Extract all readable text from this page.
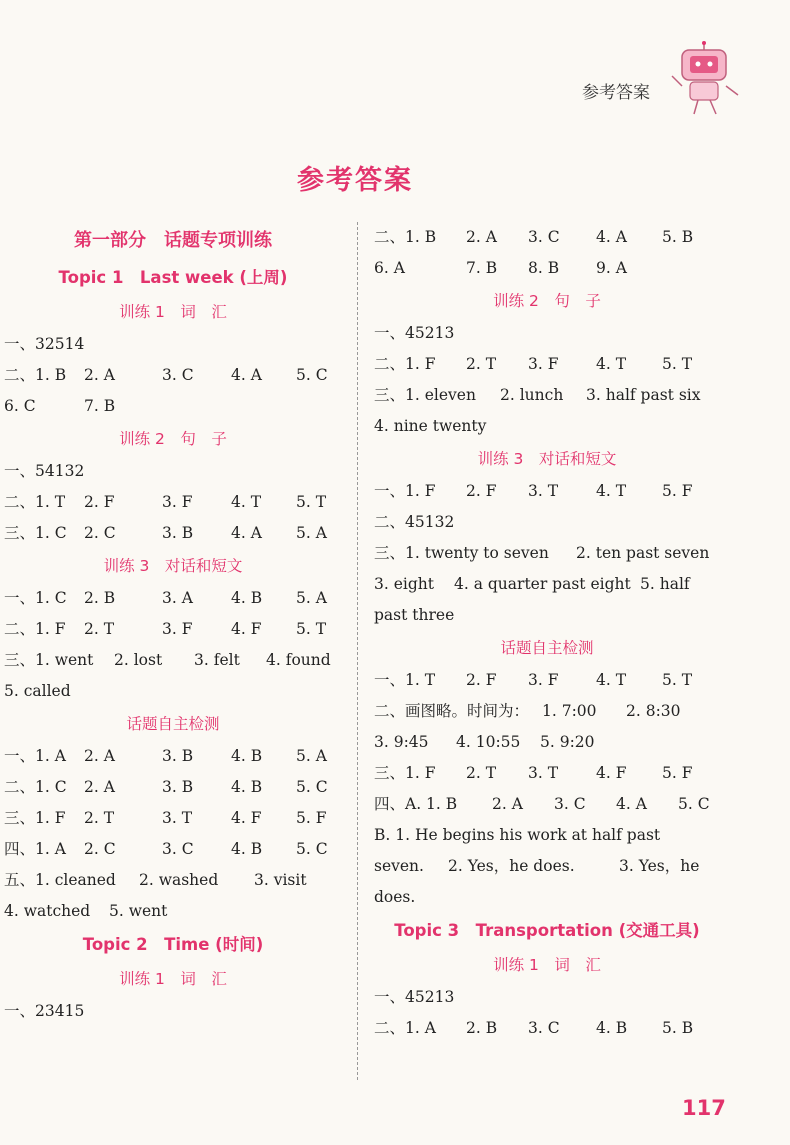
参考答案
参考答案
第一部分　话题专项训练
Topic 1　Last week (上周)
训练 1　词　汇
一、32514
二、1. B 2. A	3. C 4. A 5. C
6. C	7. B
训练 2　句　子
一、54132
二、1. T 2. F	3. F 4. T 5. T
三、1. C 2. C	3. B 4. A 5. A
训练 3　对话和短文
一、1. C 2. B	3. A 4. B 5. A
二、1. F 2. T	3. F 4. F 5. T
三、1. went 2. lost 3. felt 4. found
5. called
话题自主检测
一、1. A 2. A	3. B 4. B 5. A
二、1. C 2. A	3. B 4. B 5. C
三、1. F 2. T	3. T	4. F 5. F
四、1. A 2. C	3. C 4. B 5. C
五、1. cleaned 2. washed 3. visit
4. watched 5. went
Topic 2　Time (时间)
训练 1　词　汇
一、23415
二、1. B 2. A 3. C 4. A 5. B
6. A	7. B 8. B 9. A
训练 2　句　子
一、45213
二、1. F 2. T 3. F 4. T 5. T
三、1. eleven 2. lunch 3. half past six
4. nine twenty
训练 3　对话和短文
一、1. F 2. F 3. T 4. T 5. F
二、45132
三、1. twenty to seven 2. ten past seven
3. eight 4. a quarter past eight 5. half
past three
话题自主检测
一、1. T 2. F 3. F 4. T 5. T
二、画图略。时间为： 1. 7:00 2. 8:30
3. 9:45 4. 10:55 5. 9:20
三、1. F 2. T 3. T 4. F 5. F
四、A. 1. B 2. A 3. C 4. A 5. C
B. 1. He begins his work at half past
seven. 2. Yes，he does.	3. Yes，he
does.
Topic 3　Transportation (交通工具)
训练 1　词　汇
一、45213
二、1. A 2. B 3. C 4. B 5. B
117
